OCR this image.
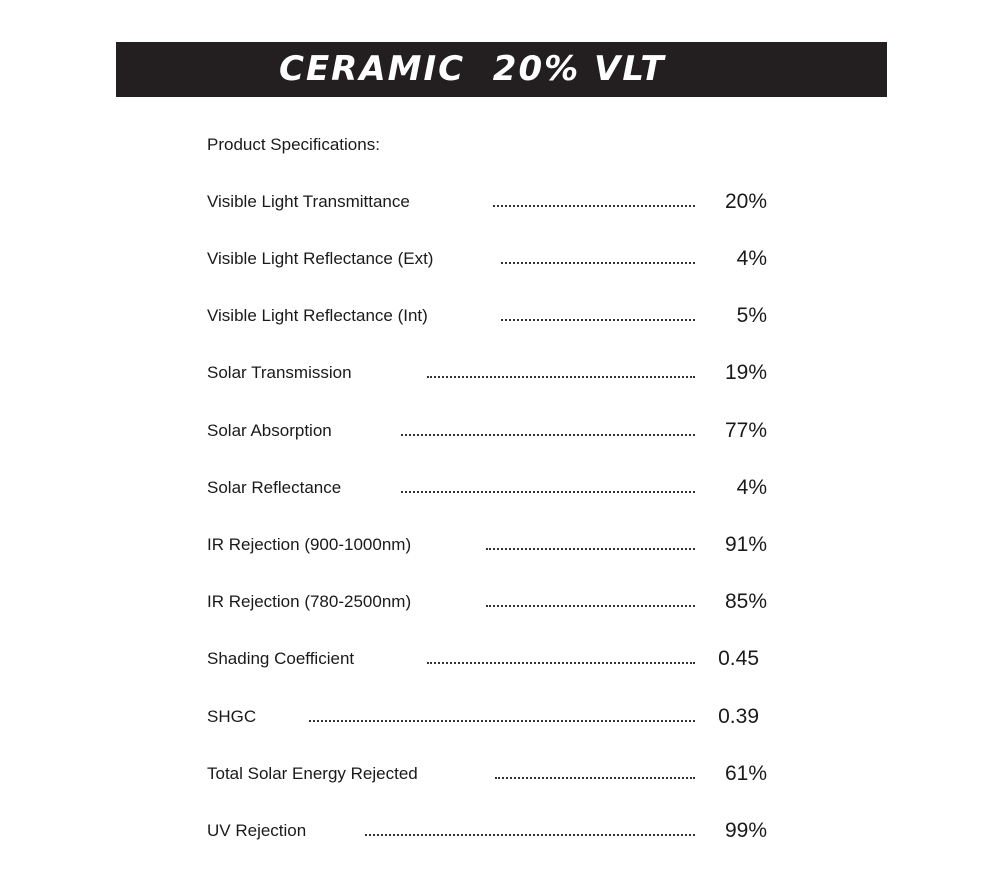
CERAMIC  20% VLT
Product Specifications:
Visible Light Transmittance	20%
Visible Light Reflectance (Ext)	4%
Visible Light Reflectance (Int)	5%
Solar Transmission	19%
Solar Absorption	77%
Solar Reflectance	4%
IR Rejection (900-1000nm)	91%
IR Rejection (780-2500nm)	85%
Shading Coefficient	0.45
SHGC	0.39
Total Solar Energy Rejected	61%
UV Rejection	99%
